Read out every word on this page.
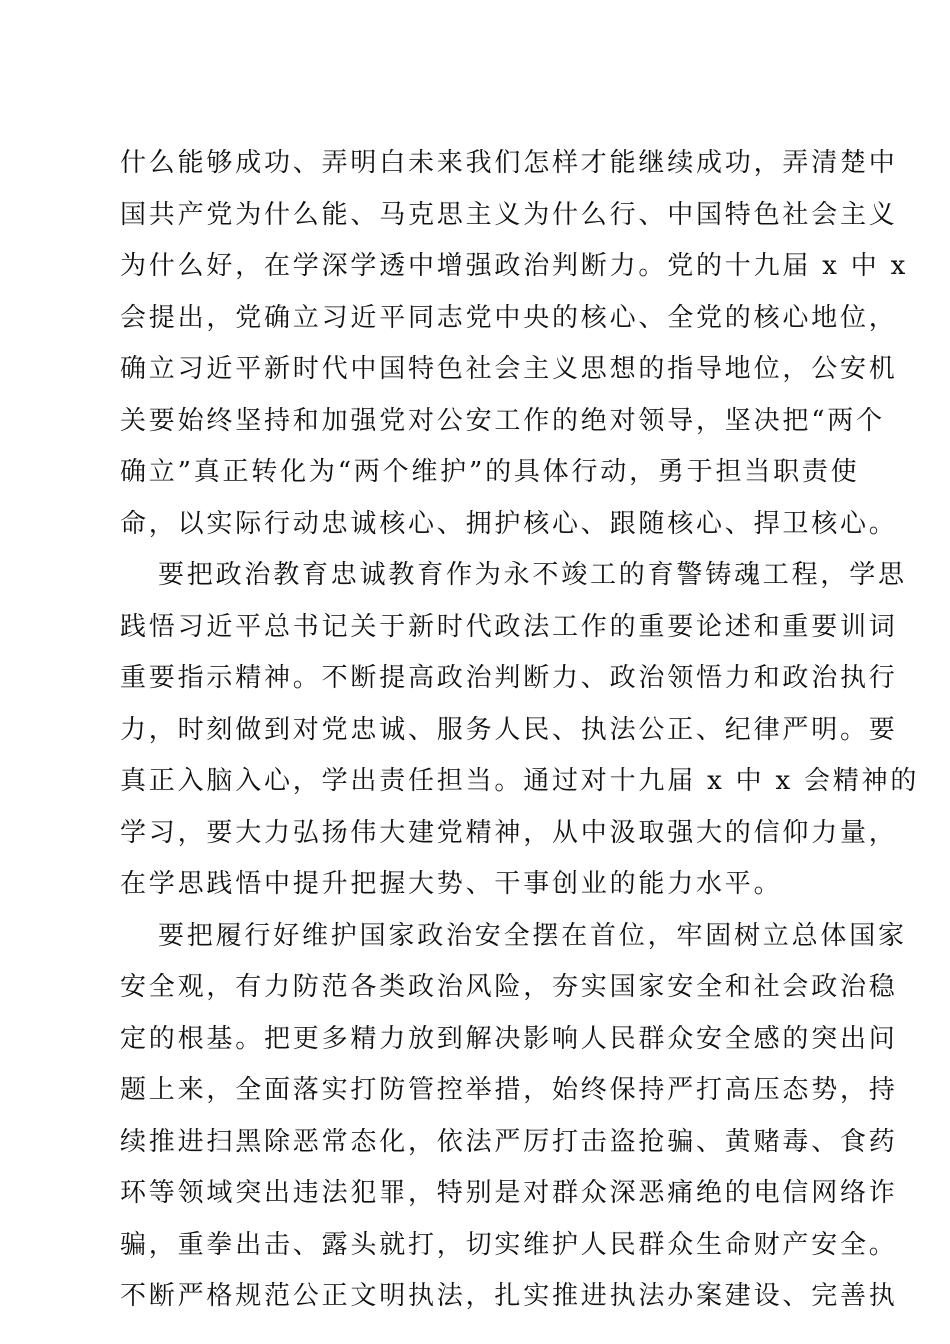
什么能够成功、弄明白未来我们怎样才能继续成功，弄清楚中
国共产党为什么能、马克思主义为什么行、中国特色社会主义
为什么好，在学深学透中增强政治判断力。党的十九届 x 中 x
会提出，党确立习近平同志党中央的核心、全党的核心地位，
确立习近平新时代中国特色社会主义思想的指导地位，公安机
关要始终坚持和加强党对公安工作的绝对领导，坚决把“两个
确立”真正转化为“两个维护”的具体行动，勇于担当职责使
命，以实际行动忠诚核心、拥护核心、跟随核心、捍卫核心。
要把政治教育忠诚教育作为永不竣工的育警铸魂工程，学思
践悟习近平总书记关于新时代政法工作的重要论述和重要训词
重要指示精神。不断提高政治判断力、政治领悟力和政治执行
力，时刻做到对党忠诚、服务人民、执法公正、纪律严明。要
真正入脑入心，学出责任担当。通过对十九届 x 中 x 会精神的
学习，要大力弘扬伟大建党精神，从中汲取强大的信仰力量，
在学思践悟中提升把握大势、干事创业的能力水平。
要把履行好维护国家政治安全摆在首位，牢固树立总体国家
安全观，有力防范各类政治风险，夯实国家安全和社会政治稳
定的根基。把更多精力放到解决影响人民群众安全感的突出问
题上来，全面落实打防管控举措，始终保持严打高压态势，持
续推进扫黑除恶常态化，依法严厉打击盗抢骗、黄赌毒、食药
环等领域突出违法犯罪，特别是对群众深恶痛绝的电信网络诈
骗，重拳出击、露头就打，切实维护人民群众生命财产安全。
不断严格规范公正文明执法，扎实推进执法办案建设、完善执
